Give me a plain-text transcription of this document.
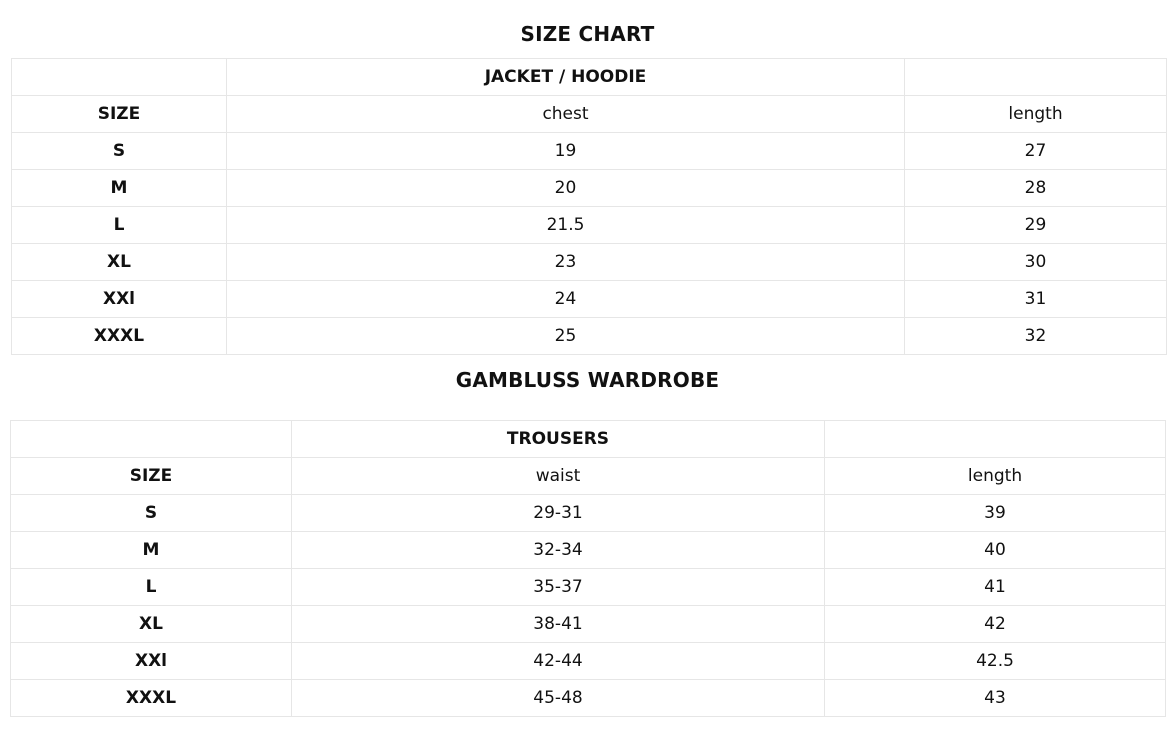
SIZE CHART
	JACKET / HOODIE	
SIZE	chest	length
S	19	27
M	20	28
L	21.5	29
XL	23	30
XXl	24	31
XXXL	25	32
GAMBLUSS WARDROBE
	TROUSERS	
SIZE	waist	length
S	29-31	39
M	32-34	40
L	35-37	41
XL	38-41	42
XXl	42-44	42.5
XXXL	45-48	43
